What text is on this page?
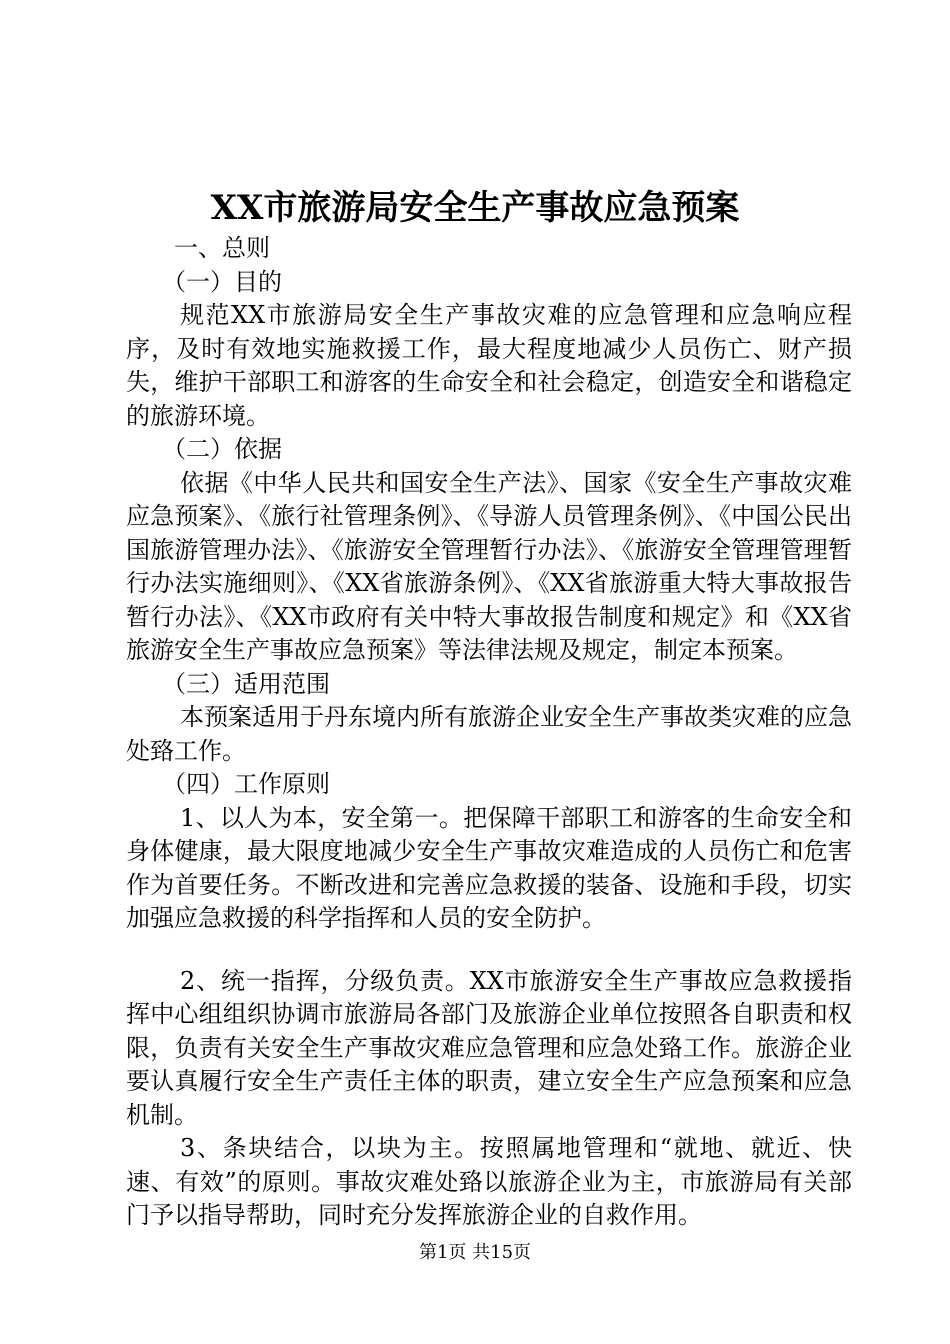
XX市旅游局安全生产事故应急预案

一、总则

（一）目的

规范XX市旅游局安全生产事故灾难的应急管理和应急响应程序，及时有效地实施救援工作，最大程度地减少人员伤亡、财产损失，维护干部职工和游客的生命安全和社会稳定，创造安全和谐稳定的旅游环境。

（二）依据

依据《中华人民共和国安全生产法》、国家《安全生产事故灾难应急预案》、《旅行社管理条例》、《导游人员管理条例》、《中国公民出国旅游管理办法》、《旅游安全管理暂行办法》、《旅游安全管理管理暂行办法实施细则》、《XX省旅游条例》、《XX省旅游重大特大事故报告暂行办法》、《XX市政府有关中特大事故报告制度和规定》和《XX省旅游安全生产事故应急预案》等法律法规及规定，制定本预案。

（三）适用范围

本预案适用于丹东境内所有旅游企业安全生产事故类灾难的应急处臵工作。

（四）工作原则

1、以人为本，安全第一。把保障干部职工和游客的生命安全和身体健康，最大限度地减少安全生产事故灾难造成的人员伤亡和危害作为首要任务。不断改进和完善应急救援的装备、设施和手段，切实加强应急救援的科学指挥和人员的安全防护。

2、统一指挥，分级负责。XX市旅游安全生产事故应急救援指挥中心组组织协调市旅游局各部门及旅游企业单位按照各自职责和权限，负责有关安全生产事故灾难应急管理和应急处臵工作。旅游企业要认真履行安全生产责任主体的职责，建立安全生产应急预案和应急机制。

3、条块结合，以块为主。按照属地管理和“就地、就近、快速、有效”的原则。事故灾难处臵以旅游企业为主，市旅游局有关部门予以指导帮助，同时充分发挥旅游企业的自救作用。

第1页 共15页
